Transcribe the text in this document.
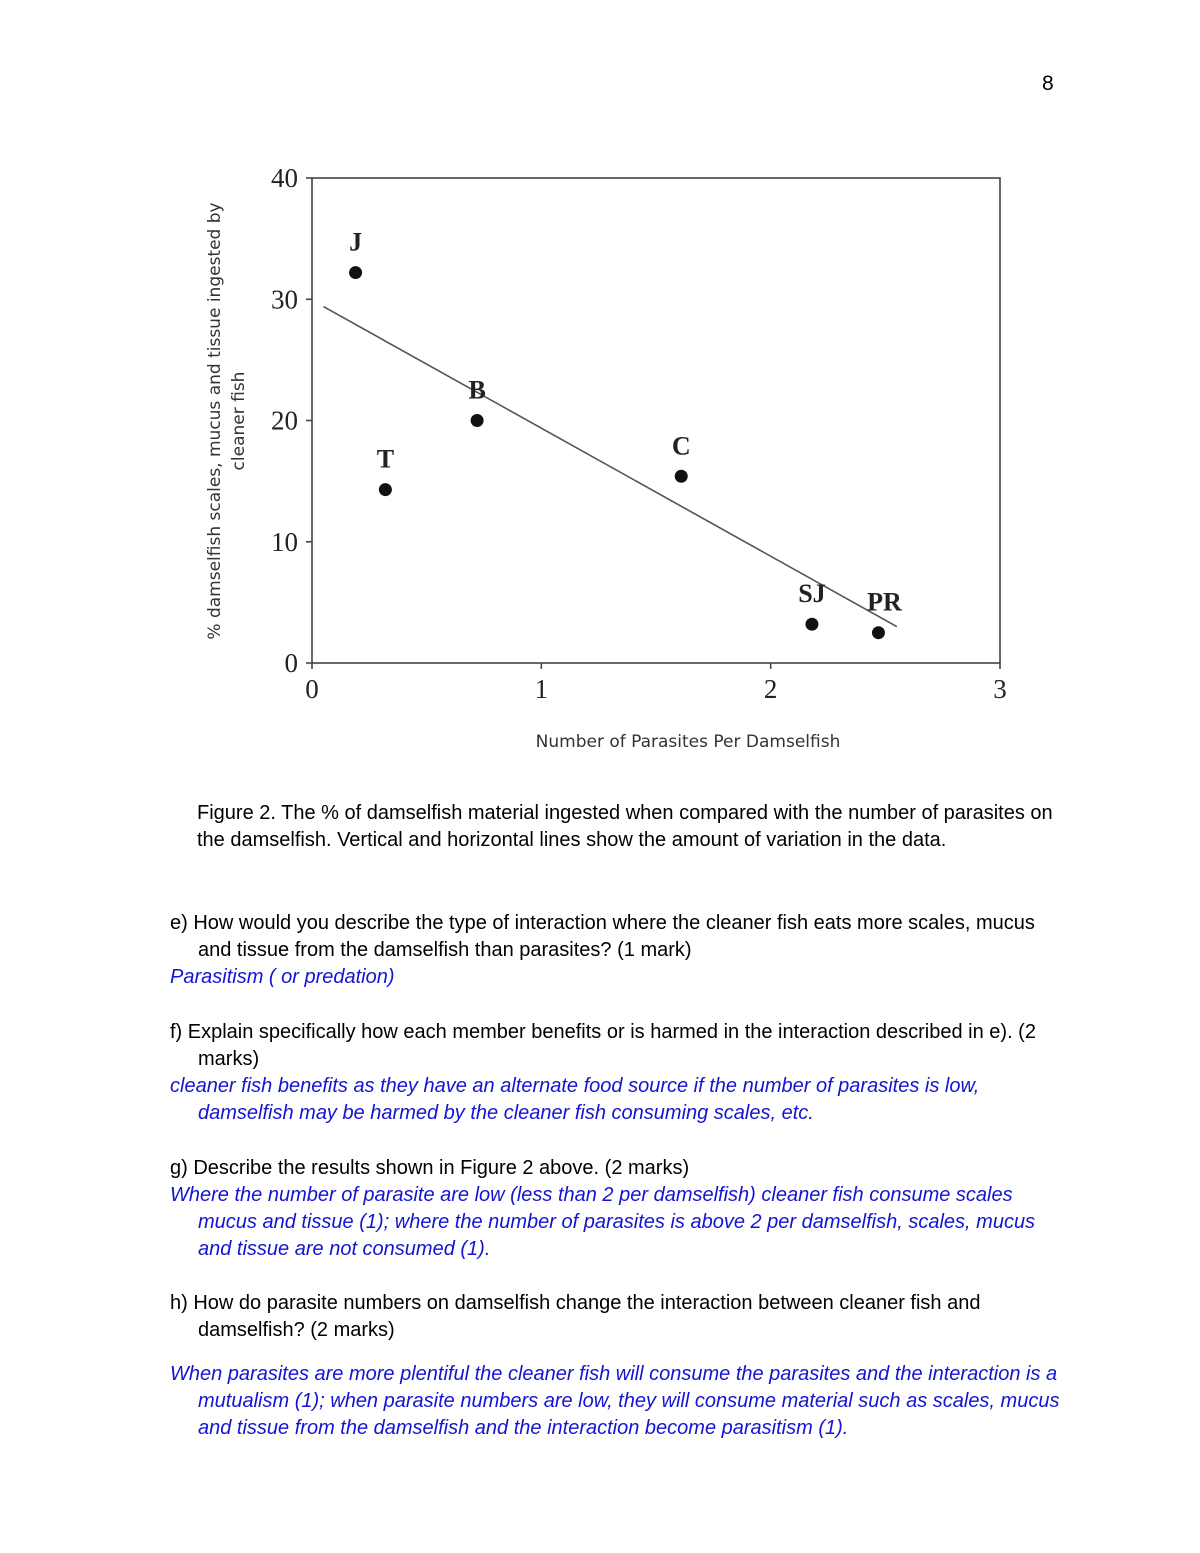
8
0
10
20
30
40
0	1	2	3
J
T
B
C
SJ PR
% damselfish scales, mucus and tissue ingested by cleaner fish
Number of Parasites Per Damselfish
Figure 2. The % of damselfish material ingested when compared with the number of parasites on the damselfish. Vertical and horizontal lines show the amount of variation in the data.

e) How would you describe the type of interaction where the cleaner fish eats more scales, mucus and tissue from the damselfish than parasites? (1 mark)

Parasitism ( or predation)

f) Explain specifically how each member benefits or is harmed in the interaction described in e). (2 marks)

cleaner fish benefits as they have an alternate food source if the number of parasites is low, damselfish may be harmed by the cleaner fish consuming scales, etc.

g) Describe the results shown in Figure 2 above. (2 marks)

Where the number of parasite are low (less than 2 per damselfish) cleaner fish consume scales mucus and tissue (1); where the number of parasites is above 2 per damselfish, scales, mucus and tissue are not consumed (1).

h) How do parasite numbers on damselfish change the interaction between cleaner fish and damselfish? (2 marks)

When parasites are more plentiful the cleaner fish will consume the parasites and the interaction is a mutualism (1); when parasite numbers are low, they will consume material such as scales, mucus and tissue from the damselfish and the interaction become parasitism (1).
